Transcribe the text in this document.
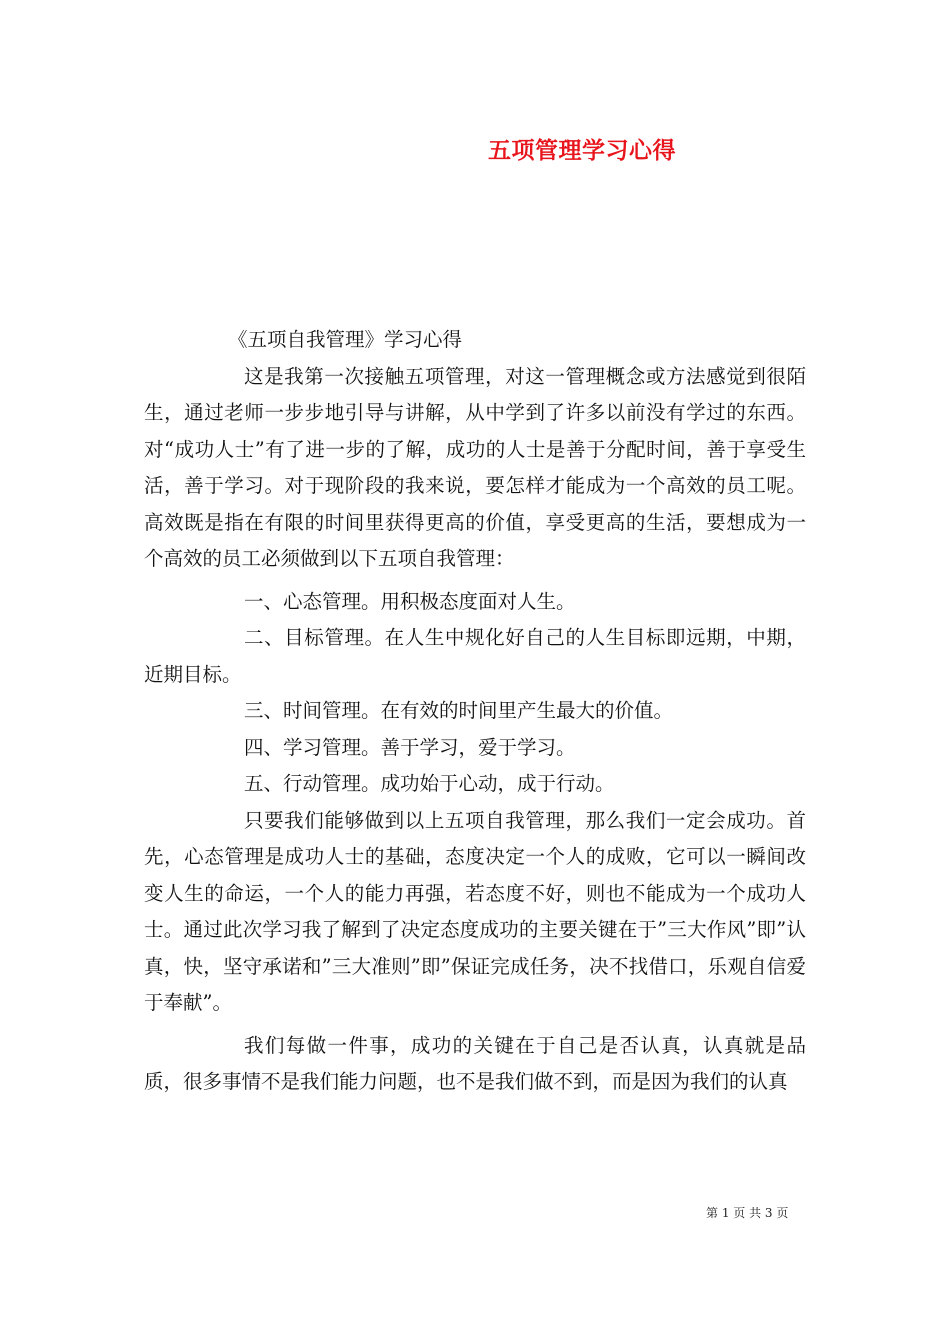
五项管理学习心得

《五项自我管理》学习心得

这是我第一次接触五项管理，对这一管理概念或方法感觉到很陌生，通过老师一步步地引导与讲解，从中学到了许多以前没有学过的东西。对“成功人士”有了进一步的了解，成功的人士是善于分配时间，善于享受生活，善于学习。对于现阶段的我来说，要怎样才能成为一个高效的员工呢。高效既是指在有限的时间里获得更高的价值，享受更高的生活，要想成为一个高效的员工必须做到以下五项自我管理：

一、心态管理。用积极态度面对人生。

二、目标管理。在人生中规化好自己的人生目标即远期，中期，近期目标。

三、时间管理。在有效的时间里产生最大的价值。

四、学习管理。善于学习，爱于学习。

五、行动管理。成功始于心动，成于行动。

只要我们能够做到以上五项自我管理，那么我们一定会成功。首先，心态管理是成功人士的基础，态度决定一个人的成败，它可以一瞬间改变人生的命运，一个人的能力再强，若态度不好，则也不能成为一个成功人士。通过此次学习我了解到了决定态度成功的主要关键在于”三大作风”即”认真，快，坚守承诺和”三大准则”即”保证完成任务，决不找借口，乐观自信爱于奉献”。

我们每做一件事，成功的关键在于自己是否认真，认真就是品质，很多事情不是我们能力问题，也不是我们做不到，而是因为我们的认真

第 1 页 共 3 页
